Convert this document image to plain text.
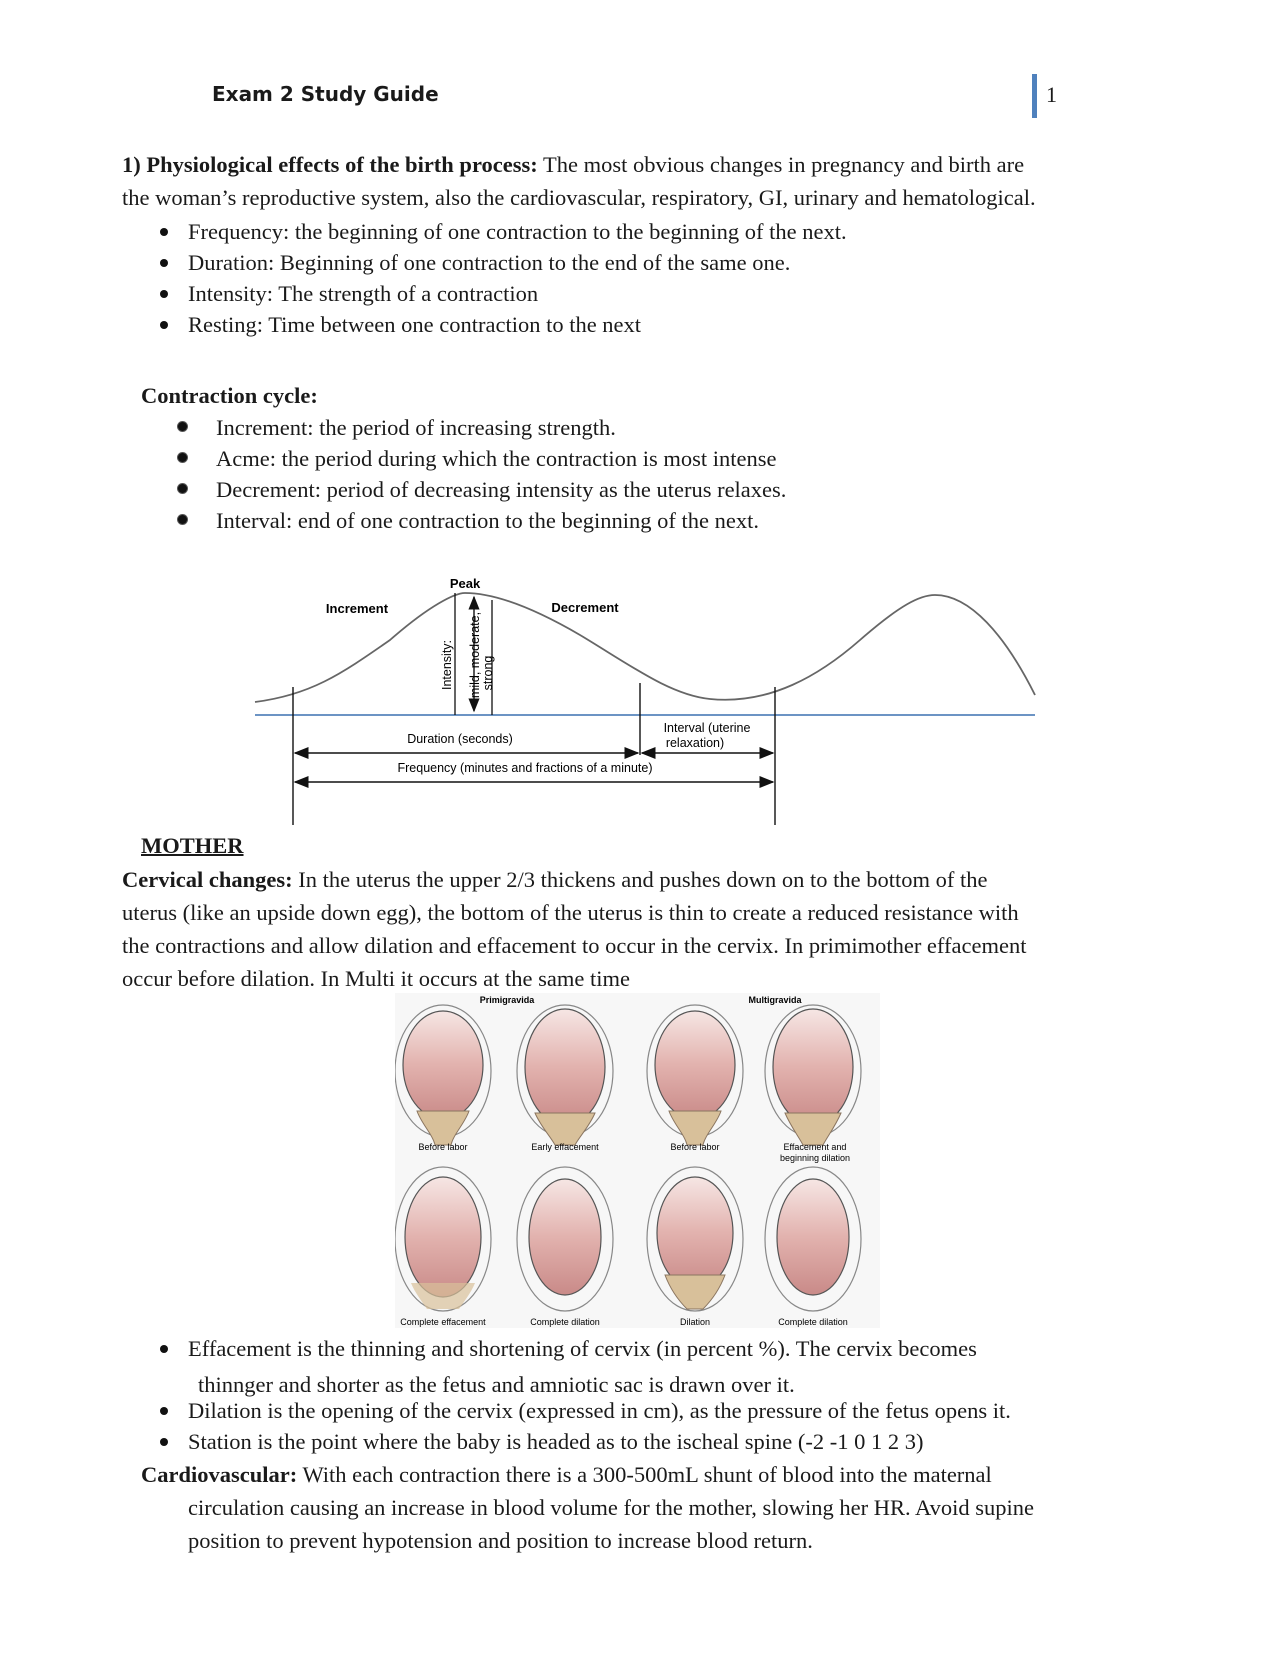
Exam 2 Study Guide	1
1) Physiological effects of the birth process: The most obvious changes in pregnancy and birth are
the woman’s reproductive system, also the cardiovascular, respiratory, GI, urinary and hematological.
Frequency: the beginning of one contraction to the beginning of the next.
Duration: Beginning of one contraction to the end of the same one.
Intensity: The strength of a contraction
Resting: Time between one contraction to the next
Contraction cycle:
Increment: the period of increasing strength.
Acme: the period during which the contraction is most intense
Decrement: period of decreasing intensity as the uterus relaxes.
Interval: end of one contraction to the beginning of the next.
Peak
Increment	Decrement
Intensity: mild, moderate, strong
Duration (seconds)
Interval (uterine
relaxation)
Frequency (minutes and fractions of a minute)
MOTHER
Cervical changes: In the uterus the upper 2/3 thickens and pushes down on to the bottom of the
uterus (like an upside down egg), the bottom of the uterus is thin to create a reduced resistance with
the contractions and allow dilation and effacement to occur in the cervix. In primimother effacement
occur before dilation. In Multi it occurs at the same time
Primigravida	Multigravida
Before labor	Early effacement	Before labor	Effacement and
beginning dilation
Complete effacement	Complete dilation	Dilation	Complete dilation
Effacement is the thinning and shortening of cervix (in percent %). The cervix becomes
thinnger and shorter as the fetus and amniotic sac is drawn over it.
Dilation is the opening of the cervix (expressed in cm), as the pressure of the fetus opens it.
Station is the point where the baby is headed as to the ischeal spine (-2 -1 0 1 2 3)
Cardiovascular: With each contraction there is a 300-500mL shunt of blood into the maternal
circulation causing an increase in blood volume for the mother, slowing her HR. Avoid supine
position to prevent hypotension and position to increase blood return.
